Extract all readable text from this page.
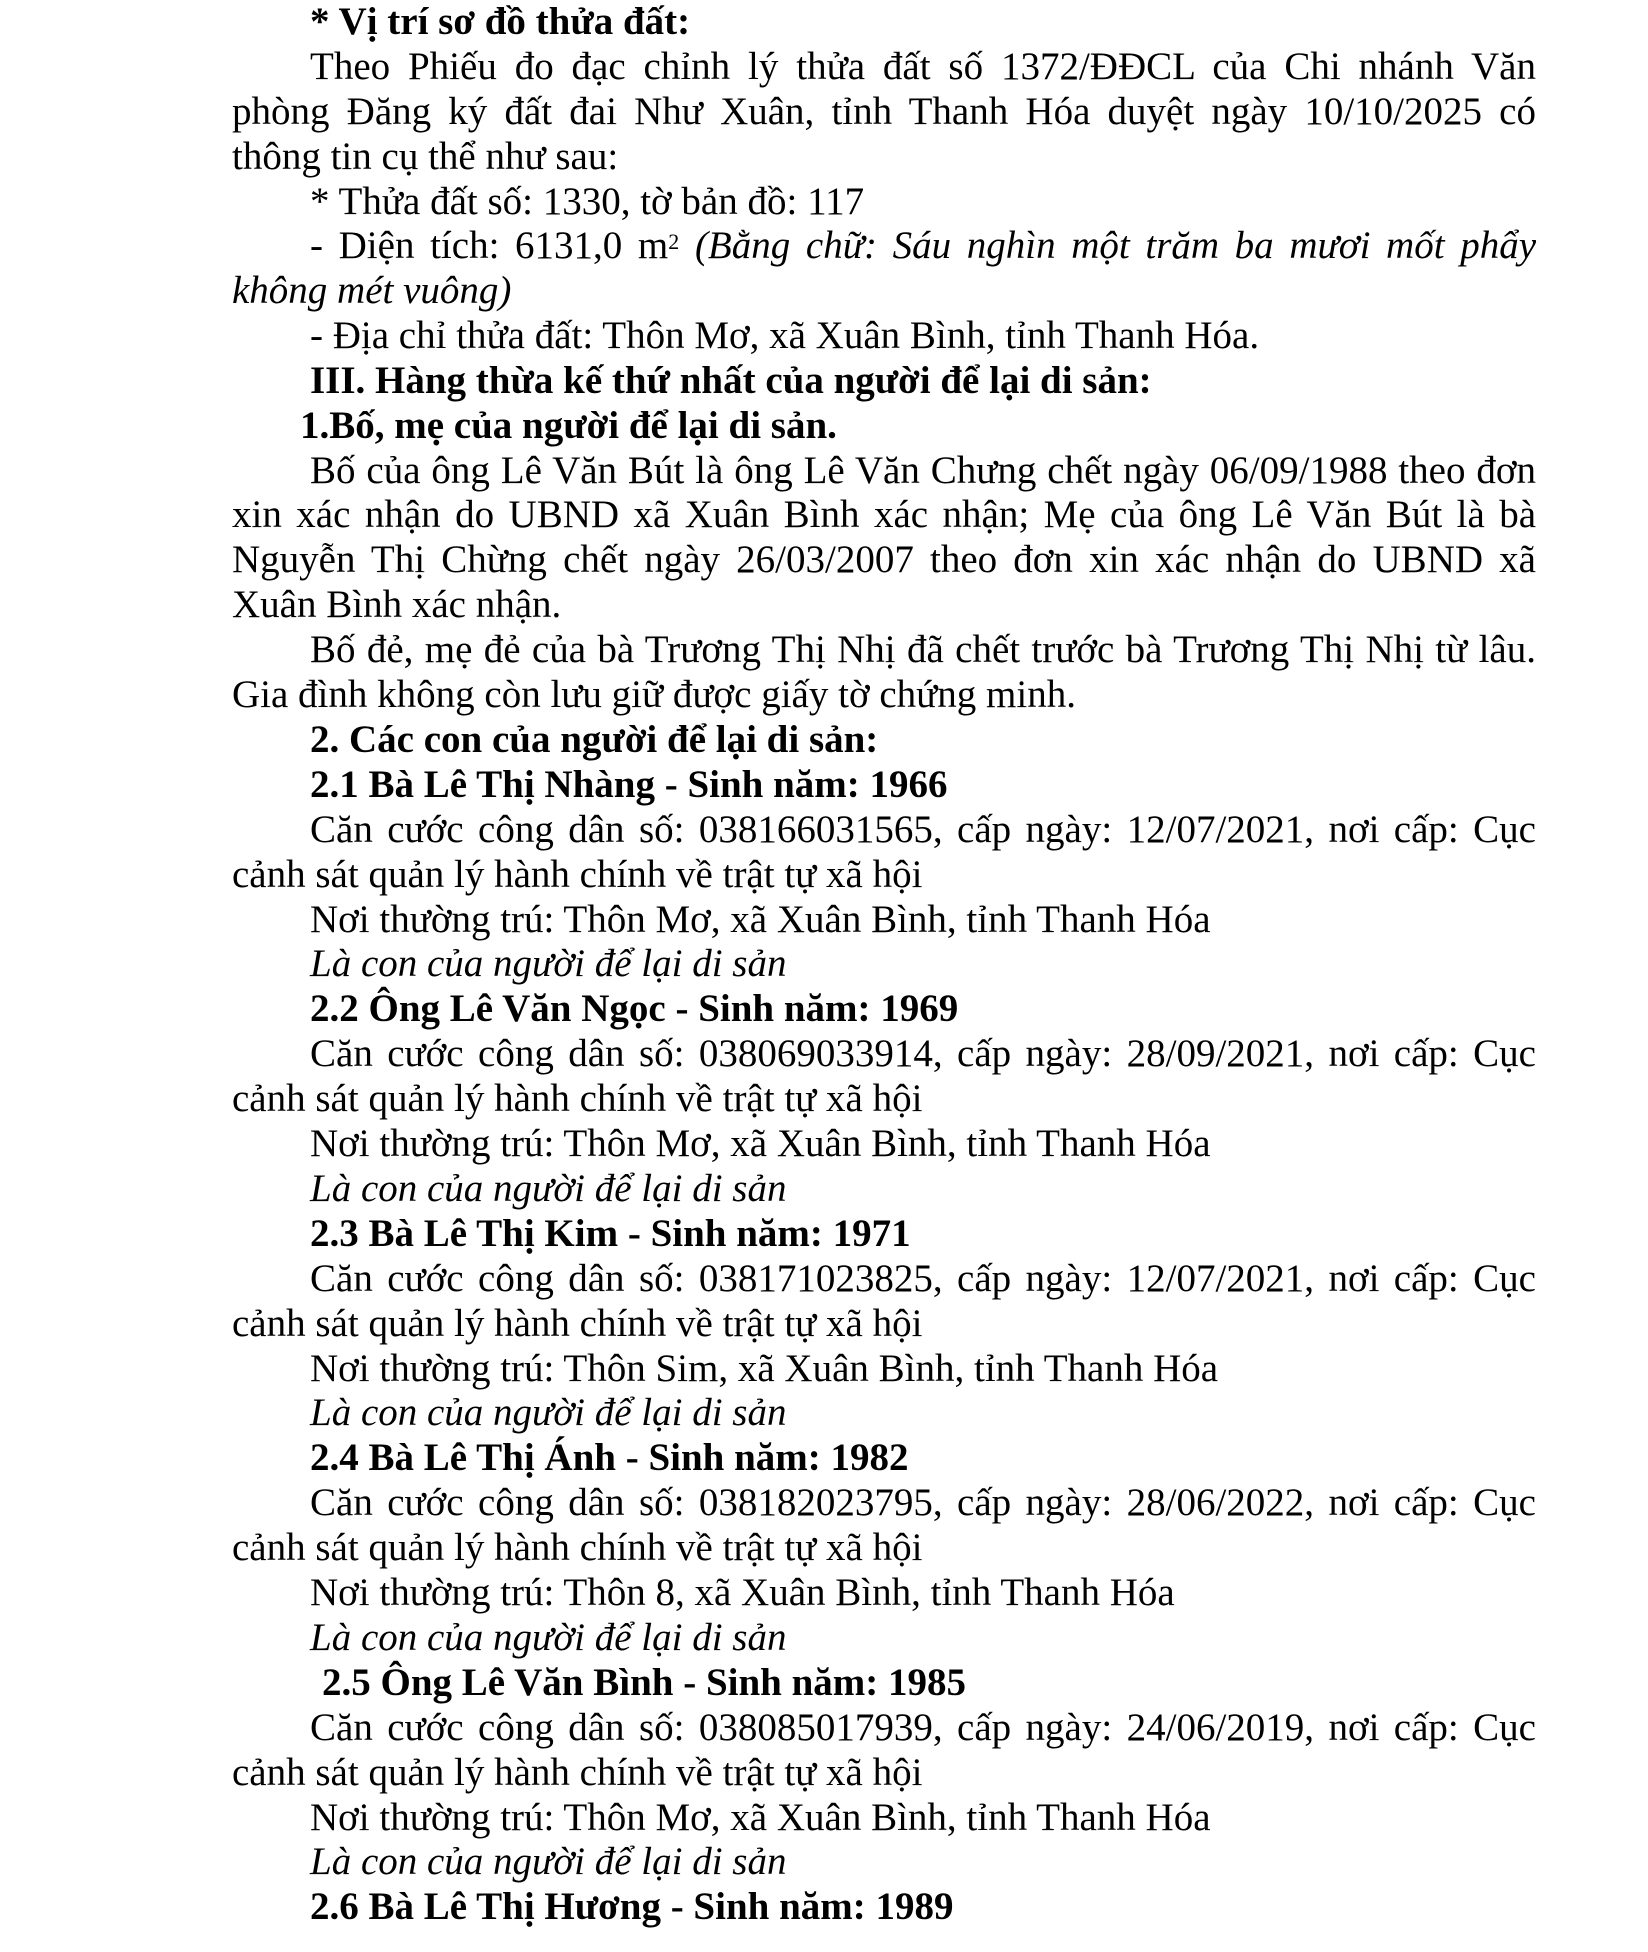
* Vị trí sơ đồ thửa đất:
Theo Phiếu đo đạc chỉnh lý thửa đất số 1372/ĐĐCL của Chi nhánh Văn
phòng Đăng ký đất đai Như Xuân, tỉnh Thanh Hóa duyệt ngày 10/10/2025 có
thông tin cụ thể như sau:
* Thửa đất số: 1330, tờ bản đồ: 117
- Diện tích: 6131,0 $m^2$ (Bằng chữ: Sáu nghìn một trăm ba mươi mốt phẩy
không mét vuông)
- Địa chỉ thửa đất: Thôn Mơ, xã Xuân Bình, tỉnh Thanh Hóa.
III. Hàng thừa kế thứ nhất của người để lại di sản:
1.Bố, mẹ của người để lại di sản.
Bố của ông Lê Văn Bút là ông Lê Văn Chưng chết ngày 06/09/1988 theo đơn
xin xác nhận do UBND xã Xuân Bình xác nhận; Mẹ của ông Lê Văn Bút là bà
Nguyễn Thị Chừng chết ngày 26/03/2007 theo đơn xin xác nhận do UBND xã
Xuân Bình xác nhận.
Bố đẻ, mẹ đẻ của bà Trương Thị Nhị đã chết trước bà Trương Thị Nhị từ lâu.
Gia đình không còn lưu giữ được giấy tờ chứng minh.
2. Các con của người để lại di sản:
2.1 Bà Lê Thị Nhàng - Sinh năm: 1966
Căn cước công dân số: 038166031565, cấp ngày: 12/07/2021, nơi cấp: Cục
cảnh sát quản lý hành chính về trật tự xã hội
Nơi thường trú: Thôn Mơ, xã Xuân Bình, tỉnh Thanh Hóa
Là con của người để lại di sản
2.2 Ông Lê Văn Ngọc - Sinh năm: 1969
Căn cước công dân số: 038069033914, cấp ngày: 28/09/2021, nơi cấp: Cục
cảnh sát quản lý hành chính về trật tự xã hội
Nơi thường trú: Thôn Mơ, xã Xuân Bình, tỉnh Thanh Hóa
Là con của người để lại di sản
2.3 Bà Lê Thị Kim - Sinh năm: 1971
Căn cước công dân số: 038171023825, cấp ngày: 12/07/2021, nơi cấp: Cục
cảnh sát quản lý hành chính về trật tự xã hội
Nơi thường trú: Thôn Sim, xã Xuân Bình, tỉnh Thanh Hóa
Là con của người để lại di sản
2.4 Bà Lê Thị Ánh - Sinh năm: 1982
Căn cước công dân số: 038182023795, cấp ngày: 28/06/2022, nơi cấp: Cục
cảnh sát quản lý hành chính về trật tự xã hội
Nơi thường trú: Thôn 8, xã Xuân Bình, tỉnh Thanh Hóa
Là con của người để lại di sản
2.5 Ông Lê Văn Bình - Sinh năm: 1985
Căn cước công dân số: 038085017939, cấp ngày: 24/06/2019, nơi cấp: Cục
cảnh sát quản lý hành chính về trật tự xã hội
Nơi thường trú: Thôn Mơ, xã Xuân Bình, tỉnh Thanh Hóa
Là con của người để lại di sản
2.6 Bà Lê Thị Hương - Sinh năm: 1989
